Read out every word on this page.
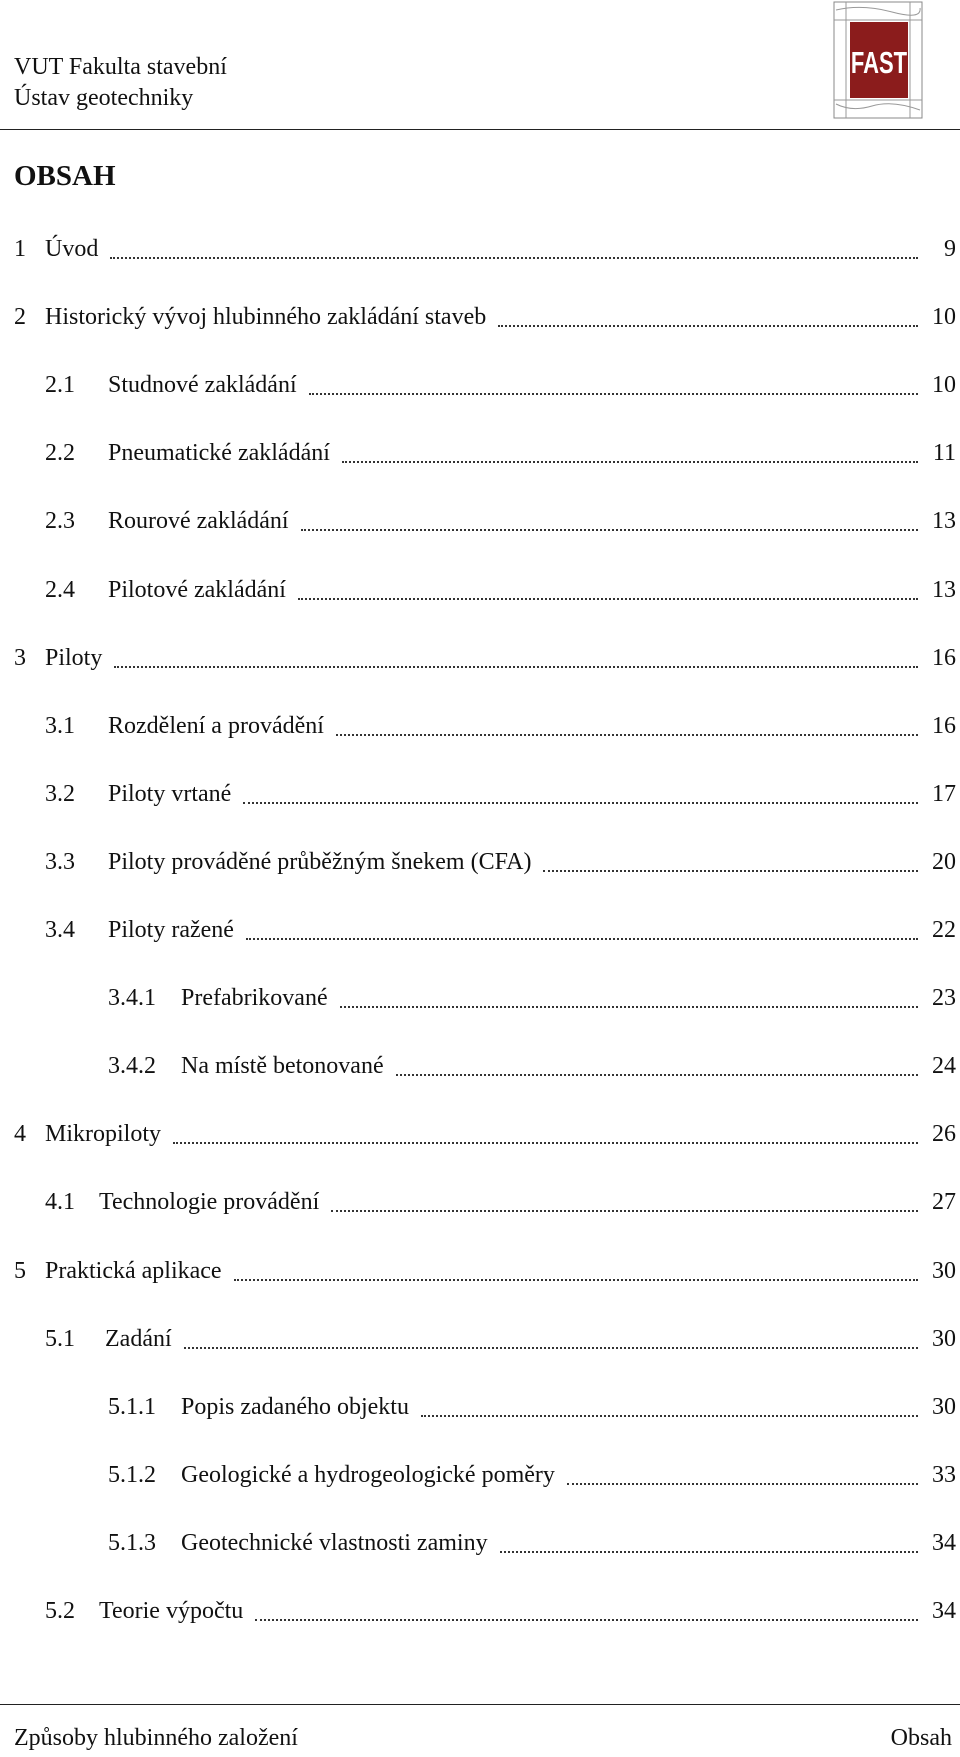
VUT Fakulta stavební
Ústav geotechniky
FAST
OBSAH
1 Úvod	9
2 Historický vývoj hlubinného zakládání staveb	10
2.1	Studnové zakládání	10
2.2	Pneumatické zakládání	11
2.3	Rourové zakládání	13
2.4	Pilotové zakládání	13
3 Piloty	16
3.1	Rozdělení a provádění	16
3.2	Piloty vrtané	17
3.3	Piloty prováděné průběžným šnekem (CFA)	20
3.4	Piloty ražené	22
3.4.1	Prefabrikované	23
3.4.2	Na místě betonované	24
4 Mikropiloty	26
4.1	Technologie provádění	27
5 Praktická aplikace	30
5.1	Zadání	30
5.1.1	Popis zadaného objektu	30
5.1.2	Geologické a hydrogeologické poměry	33
5.1.3	Geotechnické vlastnosti zaminy	34
5.2	Teorie výpočtu	34
Způsoby hlubinného založení	Obsah
